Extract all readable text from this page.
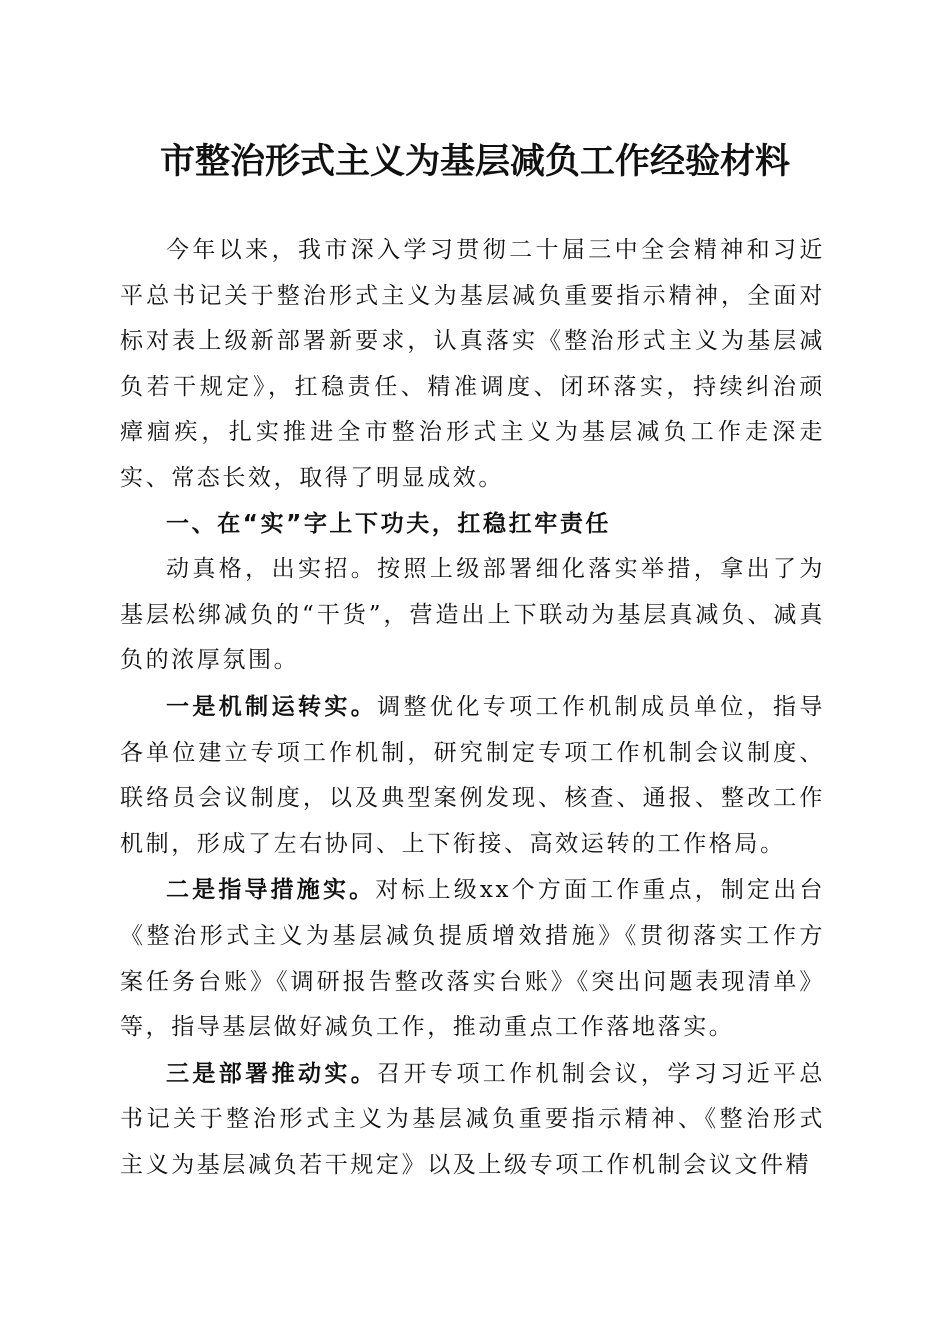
市整治形式主义为基层减负工作经验材料

今年以来，我市深入学习贯彻二十届三中全会精神和习近平总书记关于整治形式主义为基层减负重要指示精神，全面对标对表上级新部署新要求，认真落实《整治形式主义为基层减负若干规定》，扛稳责任、精准调度、闭环落实，持续纠治顽瘴痼疾，扎实推进全市整治形式主义为基层减负工作走深走实、常态长效，取得了明显成效。

一、在“实”字上下功夫，扛稳扛牢责任

动真格，出实招。按照上级部署细化落实举措，拿出了为基层松绑减负的“干货”，营造出上下联动为基层真减负、减真负的浓厚氛围。

一是机制运转实。调整优化专项工作机制成员单位，指导各单位建立专项工作机制，研究制定专项工作机制会议制度、联络员会议制度，以及典型案例发现、核查、通报、整改工作机制，形成了左右协同、上下衔接、高效运转的工作格局。

二是指导措施实。对标上级xx个方面工作重点，制定出台《整治形式主义为基层减负提质增效措施》《贯彻落实工作方案任务台账》《调研报告整改落实台账》《突出问题表现清单》等，指导基层做好减负工作，推动重点工作落地落实。

三是部署推动实。召开专项工作机制会议，学习习近平总书记关于整治形式主义为基层减负重要指示精神、《整治形式主义为基层减负若干规定》以及上级专项工作机制会议文件精
